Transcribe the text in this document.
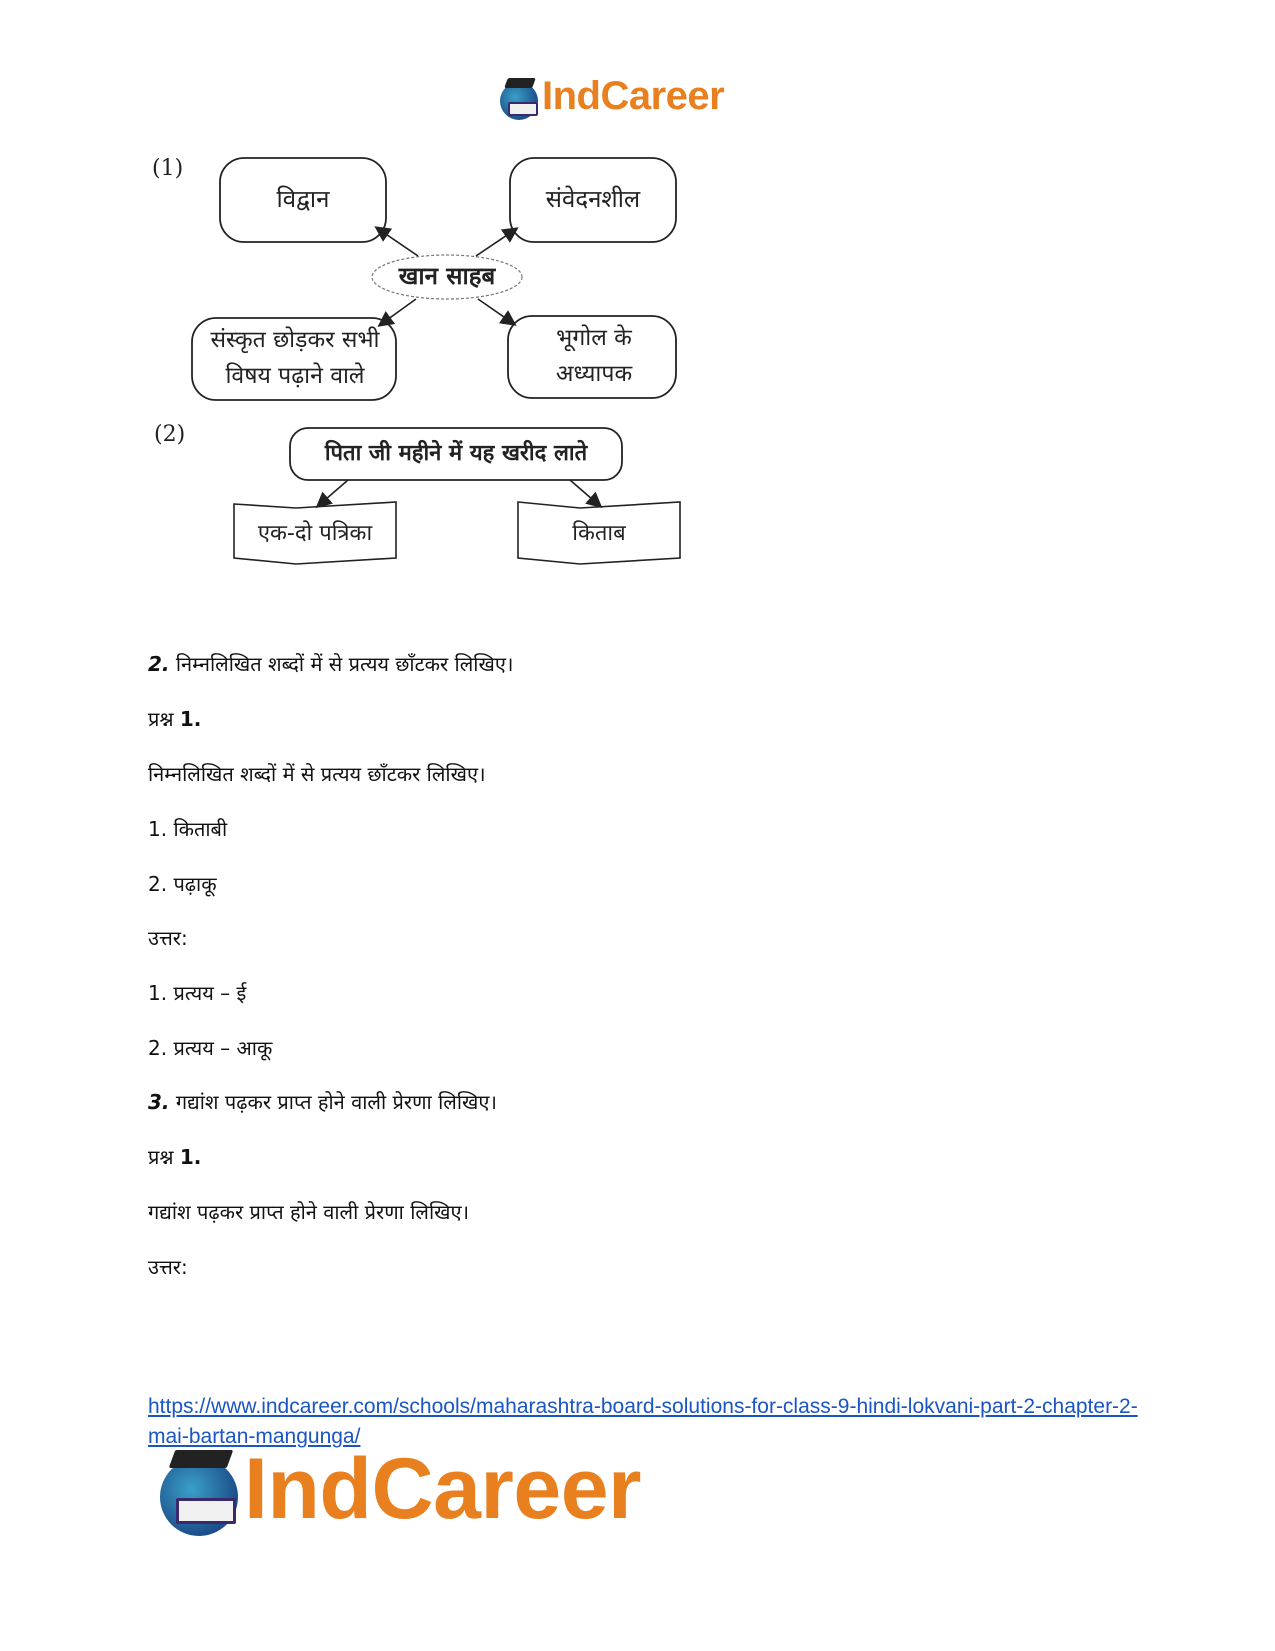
IndCareer
(1)
विद्वान	संवेदनशील
खान साहब
संस्कृत छोड़कर सभी विषय पढ़ाने वाले
भूगोल के अध्यापक
(2)
पिता जी महीने में यह खरीद लाते
एक-दो पत्रिका	किताब
2. निम्नलिखित शब्दों में से प्रत्यय छाँटकर लिखिए।
प्रश्न 1.
निम्नलिखित शब्दों में से प्रत्यय छाँटकर लिखिए।
1. किताबी
2. पढ़ाकू
उत्तर:
1. प्रत्यय – ई
2. प्रत्यय – आकू
3. गद्यांश पढ़कर प्राप्त होने वाली प्रेरणा लिखिए।
प्रश्न 1.
गद्यांश पढ़कर प्राप्त होने वाली प्रेरणा लिखिए।
उत्तर:
https://www.indcareer.com/schools/maharashtra-board-solutions-for-class-9-hindi-lokvani-part-2-chapter-2-mai-bartan-mangunga/
IndCareer
